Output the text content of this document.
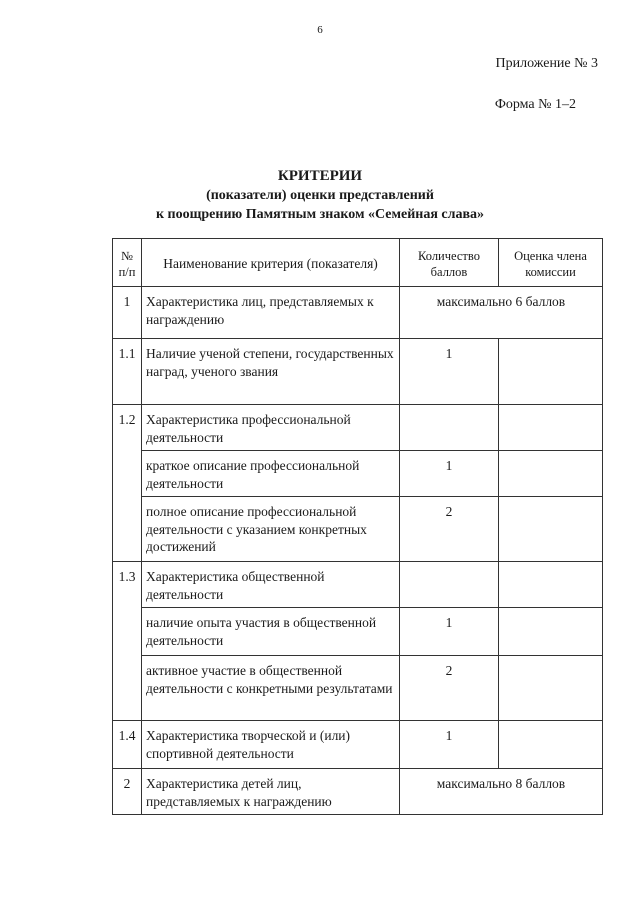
6
Приложение № 3
Форма № 1–2
КРИТЕРИИ
(показатели) оценки представлений
к поощрению Памятным знаком «Семейная слава»
№ п/п	Наименование критерия (показателя)	Количество баллов	Оценка члена комиссии
1	Характеристика лиц, представляемых к награждению	максимально 6 баллов	
1.1	Наличие ученой степени, государственных наград, ученого звания	1	
1.2	Характеристика профессиональной деятельности		
	краткое описание профессиональной деятельности	1	
	полное описание профессиональной деятельности с указанием конкретных достижений	2	
1.3	Характеристика общественной деятельности		
	наличие опыта участия в общественной деятельности	1	
	активное участие в общественной деятельности с конкретными результатами	2	
1.4	Характеристика творческой и (или) спортивной деятельности	1	
2	Характеристика детей лиц, представляемых к награждению	максимально 8 баллов	
